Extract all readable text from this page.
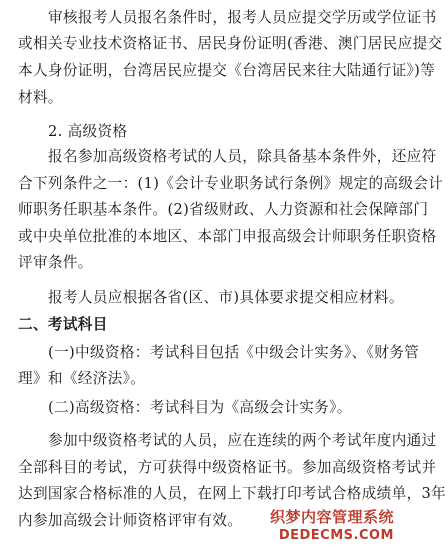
审核报考人员报名条件时，报考人员应提交学历或学位证书
或相关专业技术资格证书、居民身份证明(香港、澳门居民应提交
本人身份证明，台湾居民应提交《台湾居民来往大陆通行证》)等
材料。
2. 高级资格
报名参加高级资格考试的人员，除具备基本条件外，还应符
合下列条件之一：(1)《会计专业职务试行条例》规定的高级会计
师职务任职基本条件。(2)省级财政、人力资源和社会保障部门
或中央单位批准的本地区、本部门申报高级会计师职务任职资格
评审条件。
报考人员应根据各省(区、市)具体要求提交相应材料。
二、考试科目
(一)中级资格：考试科目包括《中级会计实务》、《财务管
理》和《经济法》。
(二)高级资格：考试科目为《高级会计实务》。
参加中级资格考试的人员，应在连续的两个考试年度内通过
全部科目的考试，方可获得中级资格证书。参加高级资格考试并
达到国家合格标准的人员，在网上下载打印考试合格成绩单，3年
内参加高级会计师资格评审有效。	织梦内容管理系统
DEDECMS.COM
